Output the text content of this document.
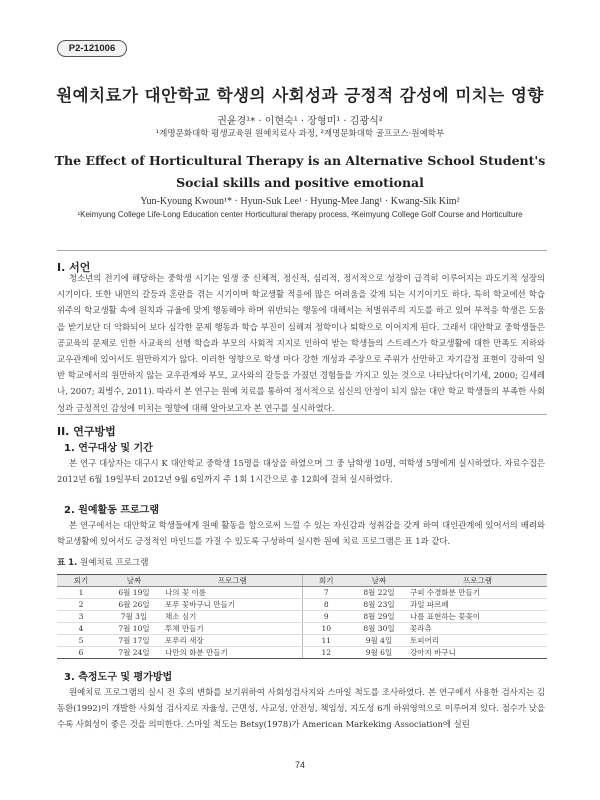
P2-121006
원예치료가 대안학교 학생의 사회성과 긍정적 감성에 미치는 영향
권윤경¹* · 이현숙¹ · 장형미¹ · 김광식²
¹계명문화대학 평생교육원 원예치료사 과정, ²계명문화대학 골프코스·원예학부
The Effect of Horticultural Therapy is an Alternative School Student's
Social skills and positive emotional
Yun-Kyoung Kwoun¹* · Hyun-Suk Lee¹ · Hyung-Mee Jang¹ · Kwang-Sik Kim²
¹Keimyung College Life-Long Education center Horticultural therapy process, ²Keimyung College Golf Course and Horticulture
I. 서언
청소년의 전기에 해당하는 중학생 시기는 일생 중 신체적, 정신적, 심리적, 정서적으로 성장이 급격히 이루어지는 과도기적 성장의 시기이다. 또한 내면의 갈등과 혼란을 겪는 시기이며 학교생활 적응에 많은 어려움을 갖게 되는 시기이기도 하다. 특히 학교에선 학습 위주의 학교생활 속에 원칙과 규율에 맞게 행동해야 하며 위반되는 행동에 대해서는 처벌위주의 지도를 하고 있어 부적응 학생은 도움을 받기보단 더 악화되어 보다 심각한 문제 행동과 학습 부진이 심해져 정학이나 퇴학으로 이어지게 된다. 그래서 대안학교 중학생들은 공교육의 문제로 인한 사교육의 선행 학습과 부모의 사회적 지지로 인하여 받는 학생들의 스트레스가 학교생활에 대한 만족도 저하와 교우관계에 있어서도 원만하지가 않다. 이러한 영향으로 학생 마다 강한 개성과 주장으로 주위가 산만하고 자기감정 표현이 강하여 일반 학교에서의 원만하지 않는 교우관계와 부모, 교사와의 갈등을 가졌던 경험들을 가지고 있는 것으로 나타났다(이기세, 2000; 김세레나, 2007; 최병수, 2011). 따라서 본 연구는 원예 치료를 통하여 정서적으로 심신의 안정이 되지 않는 대안 학교 학생들의 부족한 사회성과 긍정적인 감성에 미치는 영향에 대해 알아보고자 본 연구를 실시하였다.
II. 연구방법
1. 연구대상 및 기간
본 연구 대상자는 대구시 K 대안학교 중학생 15명을 대상을 하였으며 그 중 남학생 10명, 여학생 5명에게 실시하였다. 자료수집은 2012년 6월 19일부터 2012년 9월 6일까지 주 1회 1시간으로 총 12회에 걸쳐 실시하였다.
2. 원예활동 프로그램
본 연구에서는 대안학교 학생들에게 원예 활동을 함으로써 느낄 수 있는 자신감과 성취감을 갖게 하여 대인관계에 있어서의 배려와 학교생활에 있어서도 긍정적인 마인드를 가질 수 있도록 구성하여 실시한 원예 치료 프로그램은 표 1과 같다.
표 1. 원예치료 프로그램
회기	날짜	프로그램	회기	날짜	프로그램
1	6월 19일	나의 꽃 이름	7	8월 22일	구피 수경화분 만들기
2	6월 26일	포푸 꽃바구니 만들기	8	8월 23일	과일 파르페
3	7월 3일	채소 심기	9	8월 29일	나를 표현하는 꽃꽂이
4	7월 10일	투채 만들기	10	8월 30일	꽃라츄
5	7월 17일	포푸리 새장	11	9월 4일	토피어리
6	7월 24일	나만의 화분 만들기	12	9월 6일	강아지 바구니
3. 측정도구 및 평가방법
원예치료 프로그램의 실시 전 후의 변화를 보기위하여 사회성검사지와 스마일 척도를 조사하였다. 본 연구에서 사용한 검사지는 김동환(1992)이 개발한 사회성 검사지로 자율성, 근면성, 사교성, 안전성, 책임성, 지도성 6개 하위영역으로 이루어져 있다. 점수가 낮을수록 사회성이 좋은 것을 의미한다. 스마일 척도는 Betsy(1978)가 American Markeking Association에 실린
74
